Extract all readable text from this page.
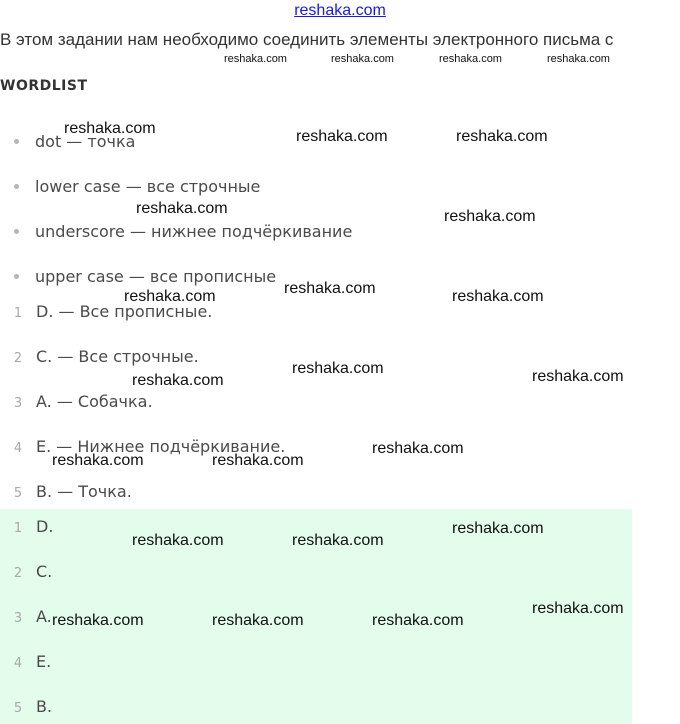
reshaka.com
В этом задании нам необходимо соединить элементы электронного письма с
reshaka.com	reshaka.com	reshaka.com	reshaka.com
WORDLIST
dot — точка
lower case — все строчные
underscore — нижнее подчёркивание
upper case — все прописные
1 D. — Все прописные.
2 C. — Все строчные.
3 A. — Собачка.
4 E. — Нижнее подчёркивание.
5 B. — Точка.
1 D.
2 C.
3 A.
4 E.
5 B.
reshaka.com	reshaka.com	reshaka.com
reshaka.com	reshaka.com
reshaka.com
reshaka.com	reshaka.com
reshaka.com	reshaka.com
reshaka.com
reshaka.com
reshaka.com	reshaka.com
reshaka.com
reshaka.com	reshaka.com
reshaka.com
reshaka.com	reshaka.com	reshaka.com
